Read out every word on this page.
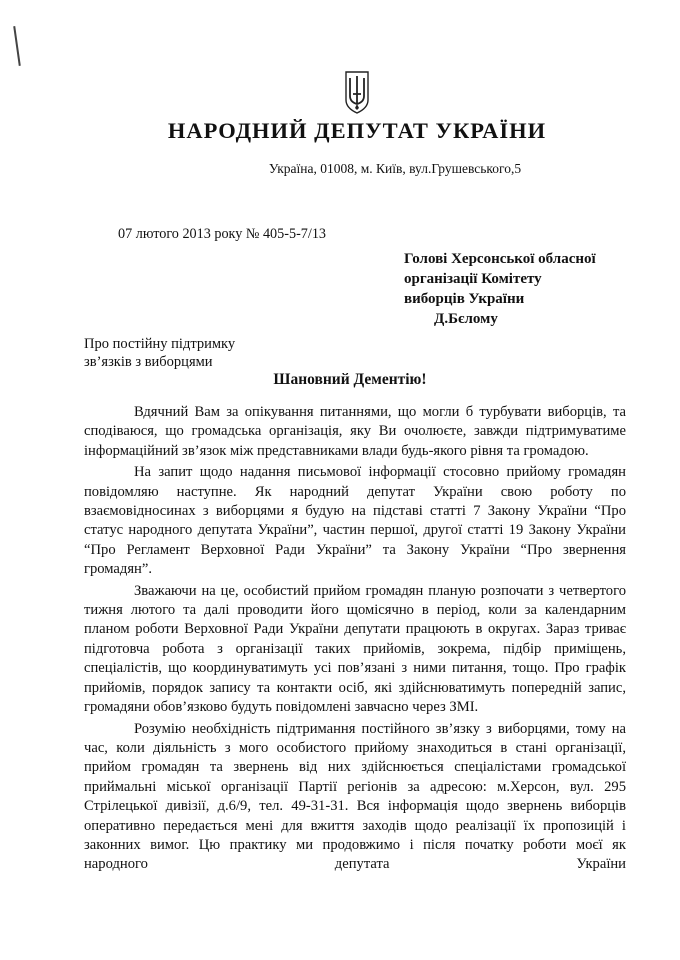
НАРОДНИЙ ДЕПУТАТ УКРАЇНИ
Україна, 01008, м. Київ, вул.Грушевського,5
07 лютого 2013 року № 405-5-7/13
Голові Херсонської обласної
організації Комітету
виборців України
Д.Бєлому
Про постійну підтримку
зв’язків з виборцями
Шановний Дементію!

Вдячний Вам за опікування питаннями, що могли б турбувати виборців, та сподіваюся, що громадська організація, яку Ви очолюєте, завжди підтримуватиме інформаційний зв’язок між представниками влади будь-якого рівня та громадою.

На запит щодо надання письмової інформації стосовно прийому громадян повідомляю наступне. Як народний депутат України свою роботу по взаємовідносинах з виборцями я будую на підставі статті 7 Закону України “Про статус народного депутата України”, частин першої, другої статті 19 Закону України “Про Регламент Верховної Ради України” та Закону України “Про звернення громадян”.

Зважаючи на це, особистий прийом громадян планую розпочати з четвертого тижня лютого та далі проводити його щомісячно в період, коли за календарним планом роботи Верховної Ради України депутати працюють в округах. Зараз триває підготовча робота з організації таких прийомів, зокрема, підбір приміщень, спеціалістів, що координуватимуть усі пов’язані з ними питання, тощо. Про графік прийомів, порядок запису та контакти осіб, які здійснюватимуть попередній запис, громадяни обов’язково будуть повідомлені завчасно через ЗМІ.

Розумію необхідність підтримання постійного зв’язку з виборцями, тому на час, коли діяльність з мого особистого прийому знаходиться в стані організації, прийом громадян та звернень від них здійснюється спеціалістами громадської приймальні міської організації Партії регіонів за адресою: м.Херсон, вул. 295 Стрілецької дивізії, д.6/9, тел. 49-31-31. Вся інформація щодо звернень виборців оперативно передається мені для вжиття заходів щодо реалізації їх пропозицій і законних вимог. Цю практику ми продовжимо і після початку роботи моєї як народного депутата України
